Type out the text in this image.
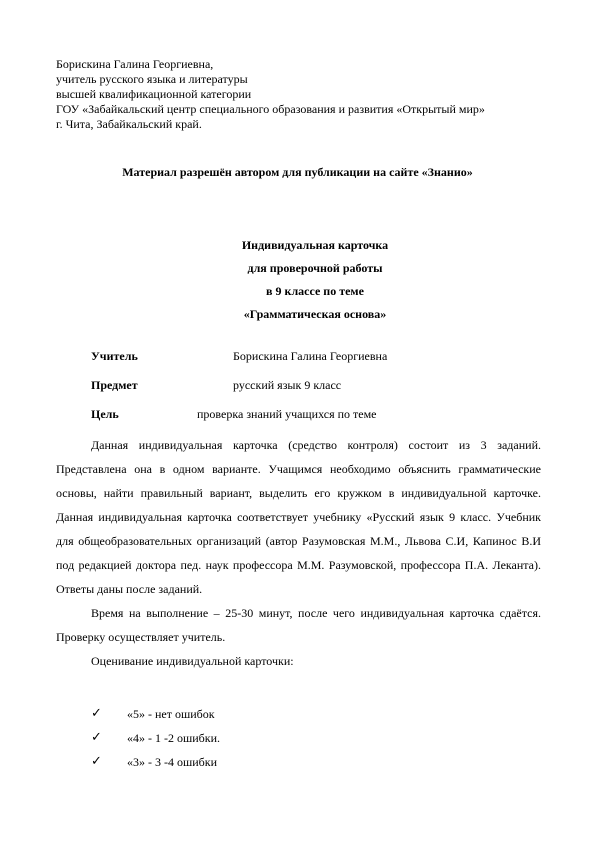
Борискина Галина Георгиевна,
учитель русского языка и литературы
высшей квалификационной категории
ГОУ «Забайкальский центр специального образования и развития «Открытый мир»
г. Чита, Забайкальский край.
Материал разрешён автором для публикации на сайте «Знанио»
Индивидуальная карточка
для проверочной работы
в 9 классе по теме
«Грамматическая основа»
Учитель	Борискина Галина Георгиевна
Предмет	русский язык 9 класс
Цель	проверка знаний учащихся по теме

Данная индивидуальная карточка (средство контроля) состоит из 3 заданий. Представлена она в одном варианте. Учащимся необходимо объяснить грамматические основы, найти правильный вариант, выделить его кружком в индивидуальной карточке. Данная индивидуальная карточка соответствует учебнику «Русский язык 9 класс. Учебник для общеобразовательных организаций (автор Разумовская М.М., Львова С.И, Капинос В.И под редакцией доктора пед. наук профессора М.М. Разумовской, профессора П.А. Леканта). Ответы даны после заданий.

Время на выполнение – 25-30 минут, после чего индивидуальная карточка сдаётся. Проверку осуществляет учитель.

Оценивание индивидуальной карточки:

✓ «5» - нет ошибок
✓ «4» - 1 -2 ошибки.
✓ «3» - 3 -4 ошибки
